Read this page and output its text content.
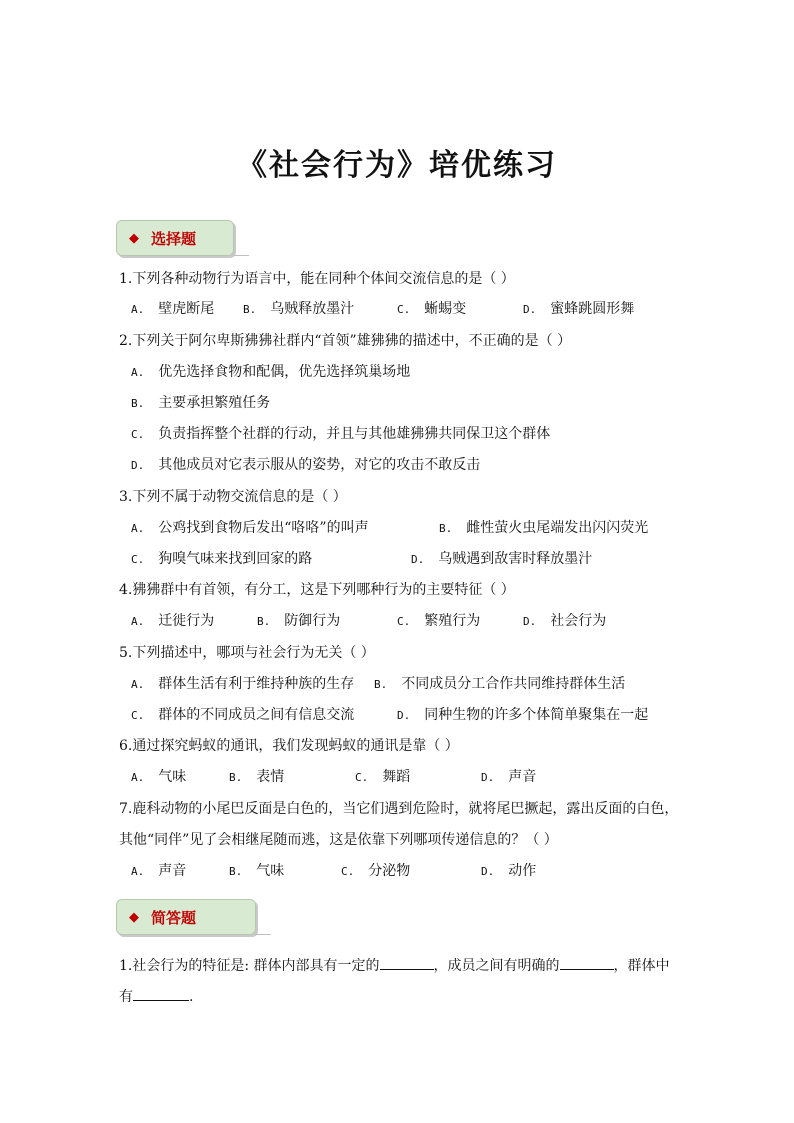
《社会行为》培优练习
◆ 选择题
1.下列各种动物行为语言中，能在同种个体间交流信息的是（ ）
A. 壁虎断尾	B. 乌贼释放墨汁	C. 蜥蜴变	D. 蜜蜂跳圆形舞
2.下列关于阿尔卑斯狒狒社群内“首领”雄狒狒的描述中，不正确的是（ ）
A. 优先选择食物和配偶，优先选择筑巢场地
B. 主要承担繁殖任务
C. 负责指挥整个社群的行动，并且与其他雄狒狒共同保卫这个群体
D. 其他成员对它表示服从的姿势，对它的攻击不敢反击
3.下列不属于动物交流信息的是（ ）
A. 公鸡找到食物后发出“咯咯”的叫声	B. 雌性萤火虫尾端发出闪闪荧光
C. 狗嗅气味来找到回家的路	D. 乌贼遇到敌害时释放墨汁
4.狒狒群中有首领，有分工，这是下列哪种行为的主要特征（ ）
A. 迁徙行为	B. 防御行为	C. 繁殖行为	D. 社会行为
5.下列描述中，哪项与社会行为无关（ ）
A. 群体生活有利于维持种族的生存 B. 不同成员分工合作共同维持群体生活
C. 群体的不同成员之间有信息交流	D. 同种生物的许多个体简单聚集在一起
6.通过探究蚂蚁的通讯，我们发现蚂蚁的通讯是靠（ ）
A. 气味	B. 表情	C. 舞蹈	D. 声音
7.鹿科动物的小尾巴反面是白色的，当它们遇到危险时，就将尾巴撅起，露出反面的白色，
其他“同伴”见了会相继尾随而逃，这是依靠下列哪项传递信息的？（ ）
A. 声音	B. 气味	C. 分泌物	D. 动作
◆ 简答题
1.社会行为的特征是: 群体内部具有一定的	，成员之间有明确的	，群体中
有	.
